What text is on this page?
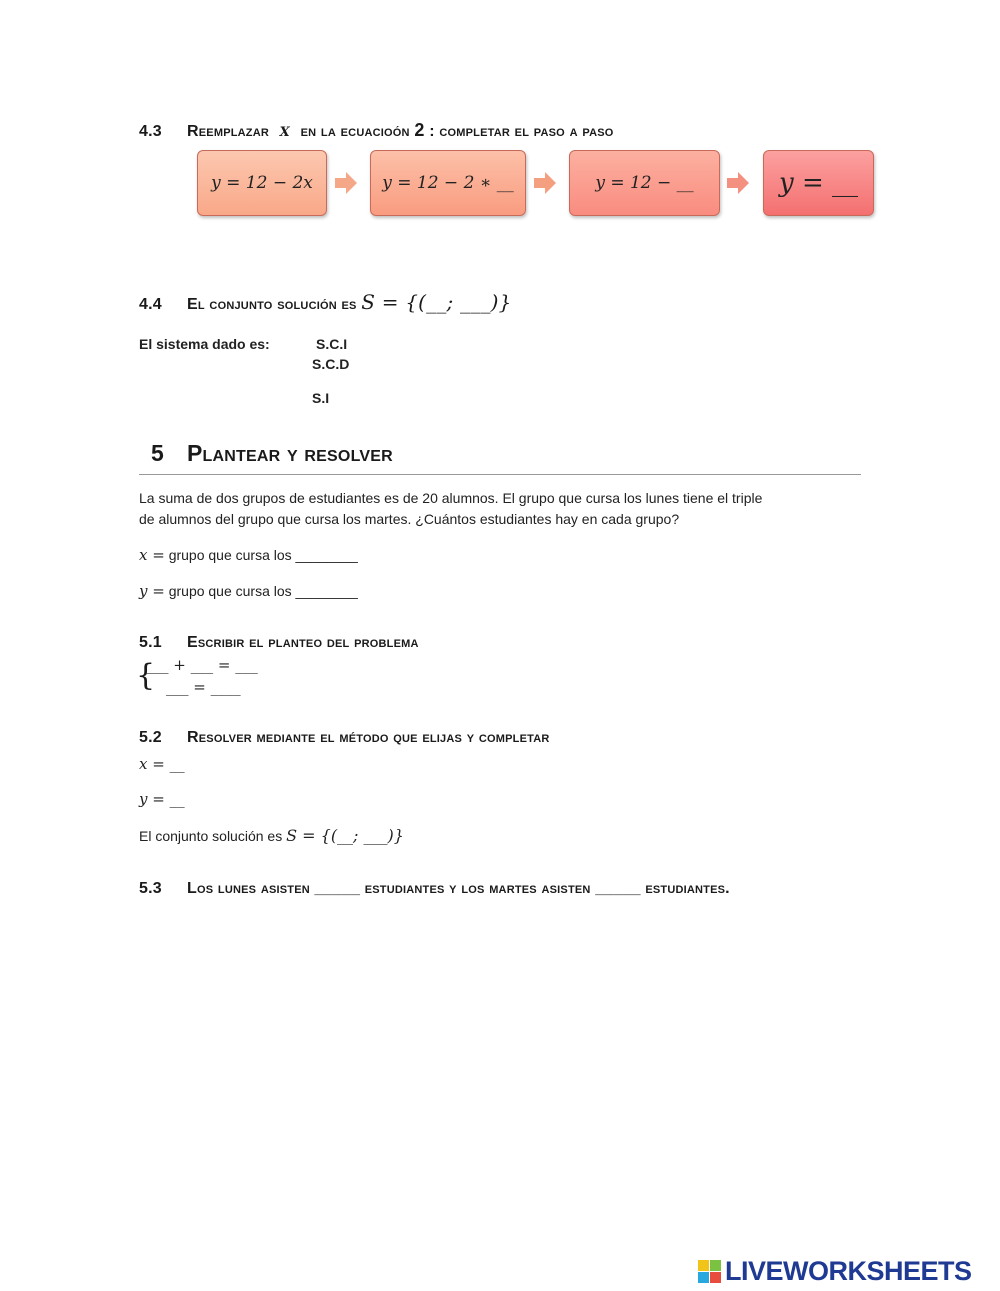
4.3 Reemplazar x en la ecuacioón 2 : completar el paso a paso
y = 12 − 2x	y = 12 − 2 ∗ __	y = 12 − __	y = __
4.4 El conjunto solución es S = {(__; ___)}
El sistema dado es:	S.C.I
S.C.D
S.I
5 Plantear y resolver
La suma de dos grupos de estudiantes es de 20 alumnos. El grupo que cursa los lunes tiene el triple
de alumnos del grupo que cursa los martes. ¿Cuántos estudiantes hay en cada grupo?
x = grupo que cursa los ________
y = grupo que cursa los ________
5.1 Escribir el planteo del problema
{
___ + ___ = ___
___ = ____
5.2 Resolver mediante el método que elijas y completar
x = __
y = __
El conjunto solución es S = {(__; ___)}
5.3 Los lunes asisten _____ estudiantes y los martes asisten _____ estudiantes.
LIVEWORKSHEETS
